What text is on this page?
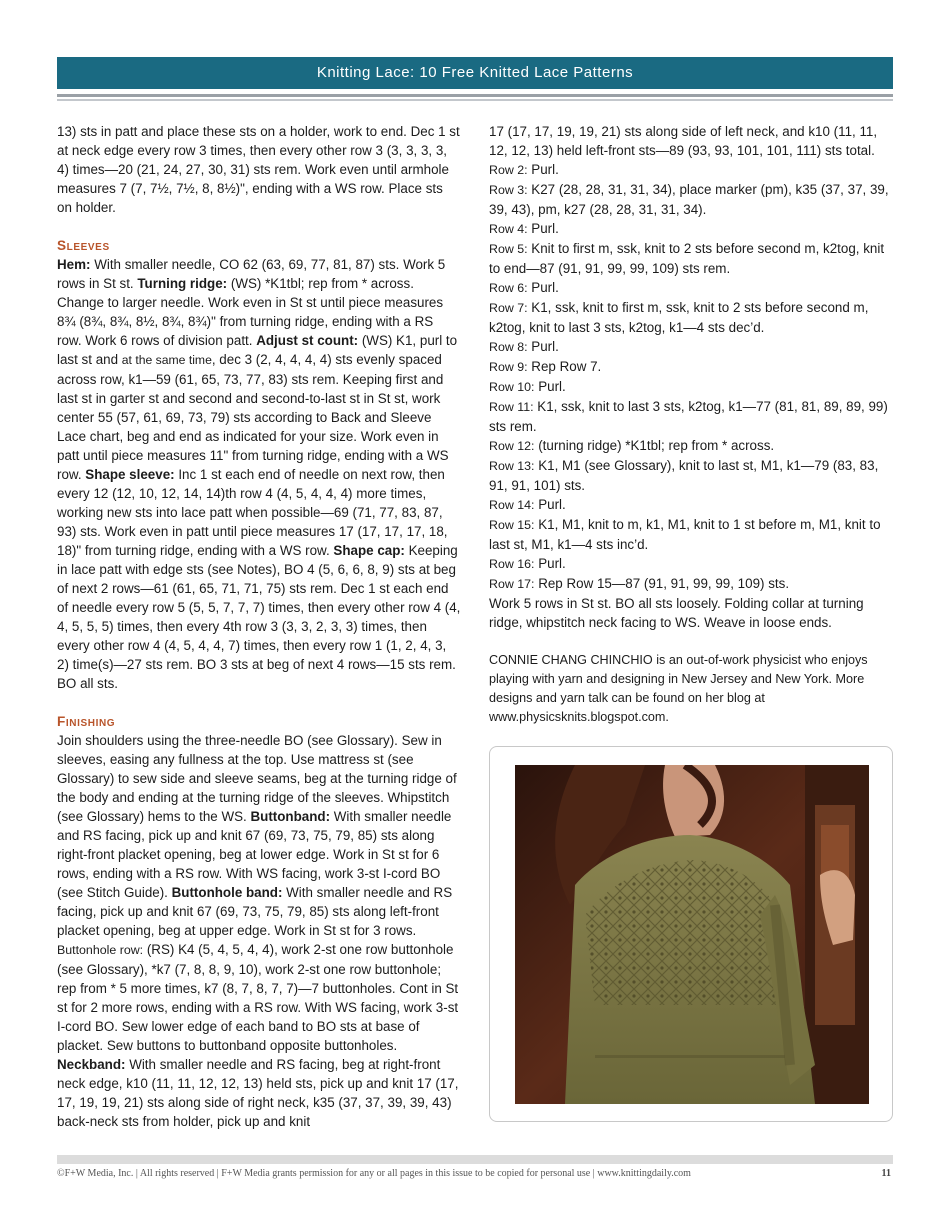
Knitting Lace: 10 Free Knitted Lace Patterns

13) sts in patt and place these sts on a holder, work to end. Dec 1 st at neck edge every row 3 times, then every other row 3 (3, 3, 3, 3, 4) times—20 (21, 24, 27, 30, 31) sts rem. Work even until armhole measures 7 (7, 7½, 7½, 8, 8½)", ending with a WS row. Place sts on holder.

Sleeves

Hem: With smaller needle, CO 62 (63, 69, 77, 81, 87) sts. Work 5 rows in St st. Turning ridge: (WS) *K1tbl; rep from * across. Change to larger needle. Work even in St st until piece measures 8¾ (8¾, 8¾, 8½, 8¾, 8¾)" from turning ridge, ending with a RS row. Work 6 rows of division patt. Adjust st count: (WS) K1, purl to last st and at the same time, dec 3 (2, 4, 4, 4, 4) sts evenly spaced across row, k1—59 (61, 65, 73, 77, 83) sts rem. Keeping first and last st in garter st and second and second-to-last st in St st, work center 55 (57, 61, 69, 73, 79) sts according to Back and Sleeve Lace chart, beg and end as indicated for your size. Work even in patt until piece measures 11" from turning ridge, ending with a WS row. Shape sleeve: Inc 1 st each end of needle on next row, then every 12 (12, 10, 12, 14, 14)th row 4 (4, 5, 4, 4, 4) more times, working new sts into lace patt when possible—69 (71, 77, 83, 87, 93) sts. Work even in patt until piece measures 17 (17, 17, 17, 18, 18)" from turning ridge, ending with a WS row. Shape cap: Keeping in lace patt with edge sts (see Notes), BO 4 (5, 6, 6, 8, 9) sts at beg of next 2 rows—61 (61, 65, 71, 71, 75) sts rem. Dec 1 st each end of needle every row 5 (5, 5, 7, 7, 7) times, then every other row 4 (4, 4, 5, 5, 5) times, then every 4th row 3 (3, 3, 2, 3, 3) times, then every other row 4 (4, 5, 4, 4, 7) times, then every row 1 (1, 2, 4, 3, 2) time(s)—27 sts rem. BO 3 sts at beg of next 4 rows—15 sts rem. BO all sts.

Finishing

Join shoulders using the three-needle BO (see Glossary). Sew in sleeves, easing any fullness at the top. Use mattress st (see Glossary) to sew side and sleeve seams, beg at the turning ridge of the body and ending at the turning ridge of the sleeves. Whipstitch (see Glossary) hems to the WS. Buttonband: With smaller needle and RS facing, pick up and knit 67 (69, 73, 75, 79, 85) sts along right-front placket opening, beg at lower edge. Work in St st for 6 rows, ending with a RS row. With WS facing, work 3-st I-cord BO (see Stitch Guide). Buttonhole band: With smaller needle and RS facing, pick up and knit 67 (69, 73, 75, 79, 85) sts along left-front placket opening, beg at upper edge. Work in St st for 3 rows. Buttonhole row: (RS) K4 (5, 4, 5, 4, 4), work 2-st one row buttonhole (see Glossary), *k7 (7, 8, 8, 9, 10), work 2-st one row buttonhole; rep from * 5 more times, k7 (8, 7, 8, 7, 7)—7 buttonholes. Cont in St st for 2 more rows, ending with a RS row. With WS facing, work 3-st I-cord BO. Sew lower edge of each band to BO sts at base of placket. Sew buttons to buttonband opposite buttonholes. Neckband: With smaller needle and RS facing, beg at right-front neck edge, k10 (11, 11, 12, 12, 13) held sts, pick up and knit 17 (17, 17, 19, 19, 21) sts along side of right neck, k35 (37, 37, 39, 39, 43) back-neck sts from holder, pick up and knit

17 (17, 17, 19, 19, 21) sts along side of left neck, and k10 (11, 11, 12, 12, 13) held left-front sts—89 (93, 93, 101, 101, 111) sts total.

Row 2: Purl.

Row 3: K27 (28, 28, 31, 31, 34), place marker (pm), k35 (37, 37, 39, 39, 43), pm, k27 (28, 28, 31, 31, 34).

Row 4: Purl.

Row 5: Knit to first m, ssk, knit to 2 sts before second m, k2tog, knit to end—87 (91, 91, 99, 99, 109) sts rem.

Row 6: Purl.

Row 7: K1, ssk, knit to first m, ssk, knit to 2 sts before second m, k2tog, knit to last 3 sts, k2tog, k1—4 sts dec’d.

Row 8: Purl.

Row 9: Rep Row 7.

Row 10: Purl.

Row 11: K1, ssk, knit to last 3 sts, k2tog, k1—77 (81, 81, 89, 89, 99) sts rem.

Row 12: (turning ridge) *K1tbl; rep from * across.

Row 13: K1, M1 (see Glossary), knit to last st, M1, k1—79 (83, 83, 91, 91, 101) sts.

Row 14: Purl.

Row 15: K1, M1, knit to m, k1, M1, knit to 1 st before m, M1, knit to last st, M1, k1—4 sts inc’d.

Row 16: Purl.

Row 17: Rep Row 15—87 (91, 91, 99, 99, 109) sts.

Work 5 rows in St st. BO all sts loosely. Folding collar at turning ridge, whipstitch neck facing to WS. Weave in loose ends.

CONNIE CHANG CHINCHIO is an out-of-work physicist who enjoys playing with yarn and designing in New Jersey and New York. More designs and yarn talk can be found on her blog at www.physicsknits.blogspot.com.

©F+W Media, Inc. | All rights reserved | F+W Media grants permission for any or all pages in this issue to be copied for personal use | www.knittingdaily.com	11
